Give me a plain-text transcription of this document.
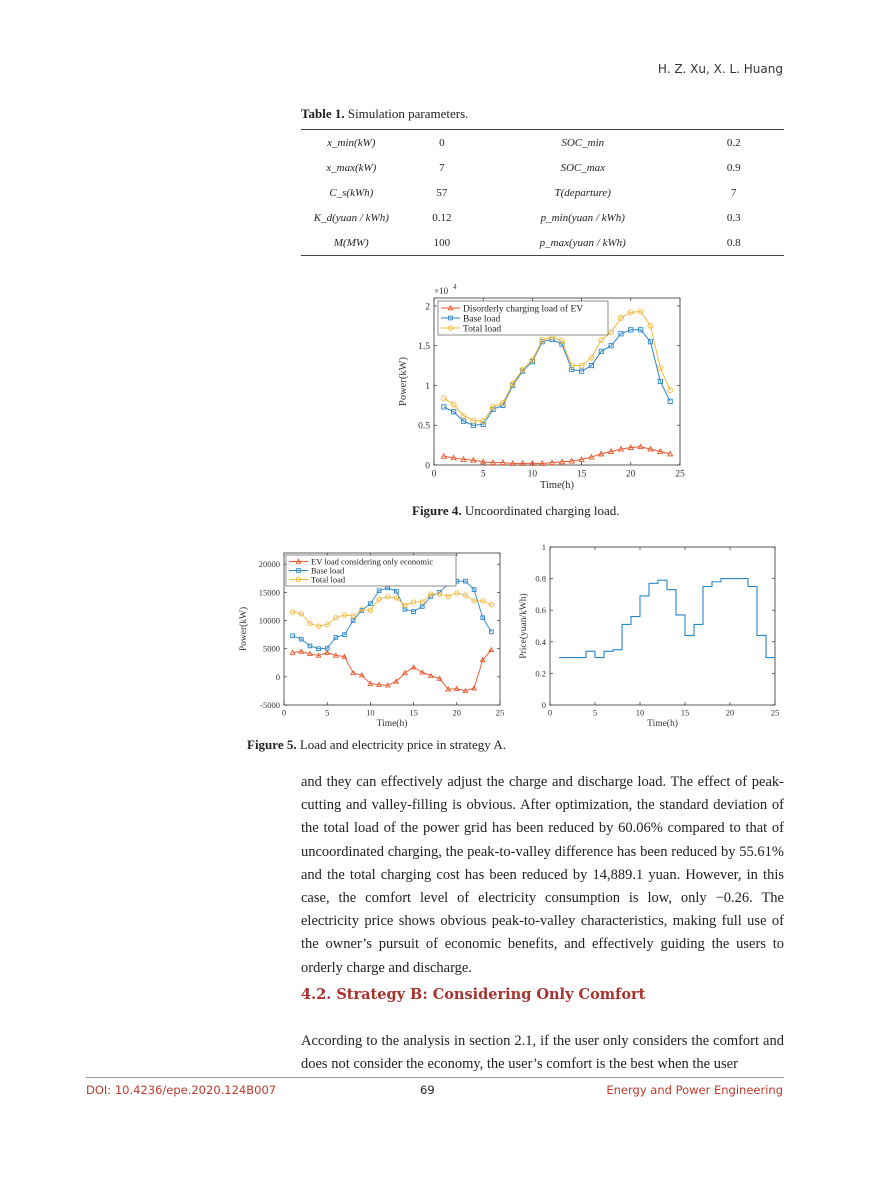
H. Z. Xu, X. L. Huang
Table 1. Simulation parameters.
x_min(kW)	0	SOC_min	0.2
x_max(kW)	7	SOC_max	0.9
C_s(kWh)	57	T(departure)	7
K_d(yuan / kWh)	0.12	p_min(yuan / kWh)	0.3
M(MW)	100	p_max(yuan / kWh)	0.8
0	5	10	15	20	25
0
0.5
1
1.5
2
Time(h)
Power(kW)
Disorderly charging load of EV
Base load
Total load
×10 4
Figure 4. Uncoordinated charging load.
0	5	10	15	20	25
-5000
0
5000
10000
15000
20000
Time(h)
Power(kW)
EV load considering only economic
Base load
Total load
0	5	10	15	20	25
0
0.2
0.4
0.6
0.8
1
Time(h)
Price(yuan/kWh)
Figure 5. Load and electricity price in strategy A.

and they can effectively adjust the charge and discharge load. The effect of peak-cutting and valley-filling is obvious. After optimization, the standard deviation of the total load of the power grid has been reduced by 60.06% compared to that of uncoordinated charging, the peak-to-valley difference has been reduced by 55.61% and the total charging cost has been reduced by 14,889.1 yuan. However, in this case, the comfort level of electricity consumption is low, only −0.26. The electricity price shows obvious peak-to-valley characteristics, making full use of the owner’s pursuit of economic benefits, and effectively guiding the users to orderly charge and discharge.

4.2. Strategy B: Considering Only Comfort

According to the analysis in section 2.1, if the user only considers the comfort and does not consider the economy, the user’s comfort is the best when the user

DOI: 10.4236/epe.2020.124B007	69	Energy and Power Engineering
